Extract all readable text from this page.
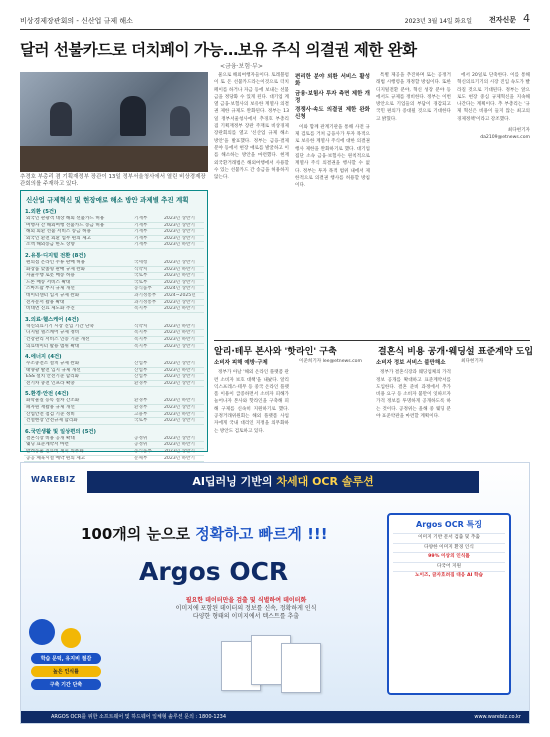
비상경제장관회의 - 신산업 규제 해소	2023년 3월 14일 화요일 전자신문 4
달러 선불카드로 더치페이 가능…보유 주식 의결권 제한 완화
<금융·보험·부>
추경호 부총리 겸 기획재정부 장관이 13일 정부서울청사에서 열린 비상경제장관회의를 주재하고 있다.
신산업 규제혁신 및 현장애로 해소 방안 과제별 추진 계획
1.외환 (5건)
외국인 관광객 대상 해외 선불카드 허용	기재부	2023년 상반기
여행자 간 해외여행 선불카드 송금 허용	기재부	2023년 상반기
해외 외환 선불 서비스 송금 허용	기재부	2023년 상반기
외국인 환전 외환 업무 편의 제고	기재부	2023년 상반기
소액 해외송금 한도 상향	기재부	2023년 하반기
2.유통·디지털 전환 (8건)
편의점 온라인 주류 판매 허용	국세청	2023년 상반기
화장품 맞춤형 판매 규제 완화	식약처	2023년 하반기
자율주행 로봇 배송 허용	국토부	2023년 하반기
드론 배송 서비스 확대	국토부	2023년 상반기
스마트팜 부지 규제 개선	농식품부	2024년 상반기
데이터센터 입지 규제 완화	과기정통부	2024~2025년
전자문서 활용 확대	과기정통부	2023년 상반기
비대면 진료 제도화 추진	복지부	2023년 하반기
3.의료·헬스케어 (4건)
혁신의료기기 시장 진입 기간 단축	식약처	2023년 하반기
디지털 헬스케어 규제 정비	복지부	2023년 하반기
건강관리 서비스 인증 기준 개선	복지부	2023년 하반기
의료데이터 활용 범위 확대	복지부	2023년 상반기
4.에너지 (4건)
수소충전소 설치 규제 완화	산업부	2023년 상반기
태양광 발전 입지 규제 개선	산업부	2023년 하반기
ESS 설치 안전기준 합리화	산업부	2023년 상반기
전기차 충전 인프라 확충	환경부	2023년 상반기
5.환경·안전 (4건)
화학물질 등록 절차 간소화	환경부	2023년 하반기
폐자원 재활용 규제 개선	환경부	2023년 상반기
산업안전 점검 기준 정비	고용부	2023년 하반기
건설현장 안전규제 합리화	국토부	2023년 상반기
6.국민생활 및 일상편의 (5건)
결혼식장 비용 공개 확대	공정위	2023년 상반기
웨딩 표준계약서 마련	공정위	2023년 하반기
반려동물 진료비 게시 의무화	농식품부	2023년 상반기
공공 체육시설 예약 편의 제고	문체부	2023년 하반기

물으로 해외여행자들이다. 토레블펌이 또 돈 선불카드라는이것으로 더치페이를 하거나 자금 등에 보내는 선불금을 정당화 수 있게 된다. 대기업 계열 금융·보험사의 보유한 계열사 의결권 제한 규제도 완화된다. 정부는 13일 정부서울청사에서 추경호 부총리 겸 기획재정부 장관 주재로 비상경제장관회의를 열고 '신산업 규제 해소 방안'을 발표했다. 정부는 금융·결제 분야 등에서 현장 애로를 발굴하고 이를 해소하는 방안을 마련했다. 현재 외국환거래법은 해외여행에서 사용할 수 있는 선불카드 간 송금을 허용하지 않는다.

편리한 분야 외환 서비스 활성화
금융·보험사 투자 측면 제한 개정
경쟁사·속도 의결권 제한 완화 신청

이와 함께 관계기관을 통해 사전 규제 검토를 거쳐 금융사가 투자 목적으로 보유한 계열사 주식에 대한 의결권 행사 제한을 완화하기로 했다. 대기업 집단 소속 금융·보험사는 원칙적으로 계열사 주식 의결권을 행사할 수 없다. 정부는 투자 목적 범위 내에서 제한적으로 의결권 행사를 허용할 방침이다.

특별 제공을 추진하며 또는 공정거래법 시행령을 개정할 방침이다. 또한 디지털전환 분야, 혁신 성장 분야 등에서도 규제를 정비한다. 정부는 이번 방안으로 기업들의 부담이 경감되고 국민 편의가 증대될 것으로 기대한다고 밝혔다.

에서 20일로 단축한다. 이를 통해 혁신의료기기의 시장 진입 속도가 빨라질 것으로 기대된다. 정부는 앞으로도 현장 중심 규제혁신을 지속해 나간다는 계획이다. 추 부총리는 '규제 혁신은 비용이 들지 않는 최고의 경제정책'이라고 강조했다.

최다현기자 da2109@etnews.com

알리·테무 본사와 '핫라인' 구축
소비자 피해 예방·구제

정부가 아날 '해외 온라인 플랫폼 관련 소비자 보호 대책'을 내놨다. 알리익스프레스·테무 등 중국 온라인 플랫폼 이용이 급증하면서 소비자 피해가 늘어나자 본사와 핫라인을 구축해 피해 구제를 신속히 지원하기로 했다. 공정거래위원회는 해외 플랫폼 사업자에게 국내 대리인 지정을 의무화하는 방안도 검토하고 있다.

이준희기자 lee@etnews.com

결혼식 비용 공개·웨딩설 표준계약 도입
소비자 정보 서비스 불만해소

정부가 결혼식장과 웨딩업체의 가격 정보 공개를 확대하고 표준계약서를 도입한다. 결혼 준비 과정에서 추가 비용 요구 등 소비자 불만이 잇따르자 가격 정보를 투명하게 공개하도록 하는 것이다. 공정위는 올해 중 웨딩 분야 표준약관을 마련할 계획이다.

최다현기자

WAREBIZ	AI딥러닝 기반의 차세대 OCR 솔루션
100개의 눈으로 정확하고 빠르게 !!!
Argos OCR
필요한 데이터만을 검출 및 식별하여 데이터화
이미지에 포함된 데이터의 정보를 신속, 정확하게 인식
다양한 형태의 이미지에서 텍스트를 추출
학습 문턱, 유지비 절감
높은 인식률
구축 기간 단축
Argos OCR 특징
이미지 기반 문서 검출 및 추출
다양한 이미지 환경 인식
99% 이상의 인식률
다국어 지원
노이즈, 글자흐려짐 대응 AI 학습
ARGOS OCR를 위한 소프트웨어 및 하드웨어 일체형 솔루션 문의 : 1800-1234	www.warebiz.co.kr
